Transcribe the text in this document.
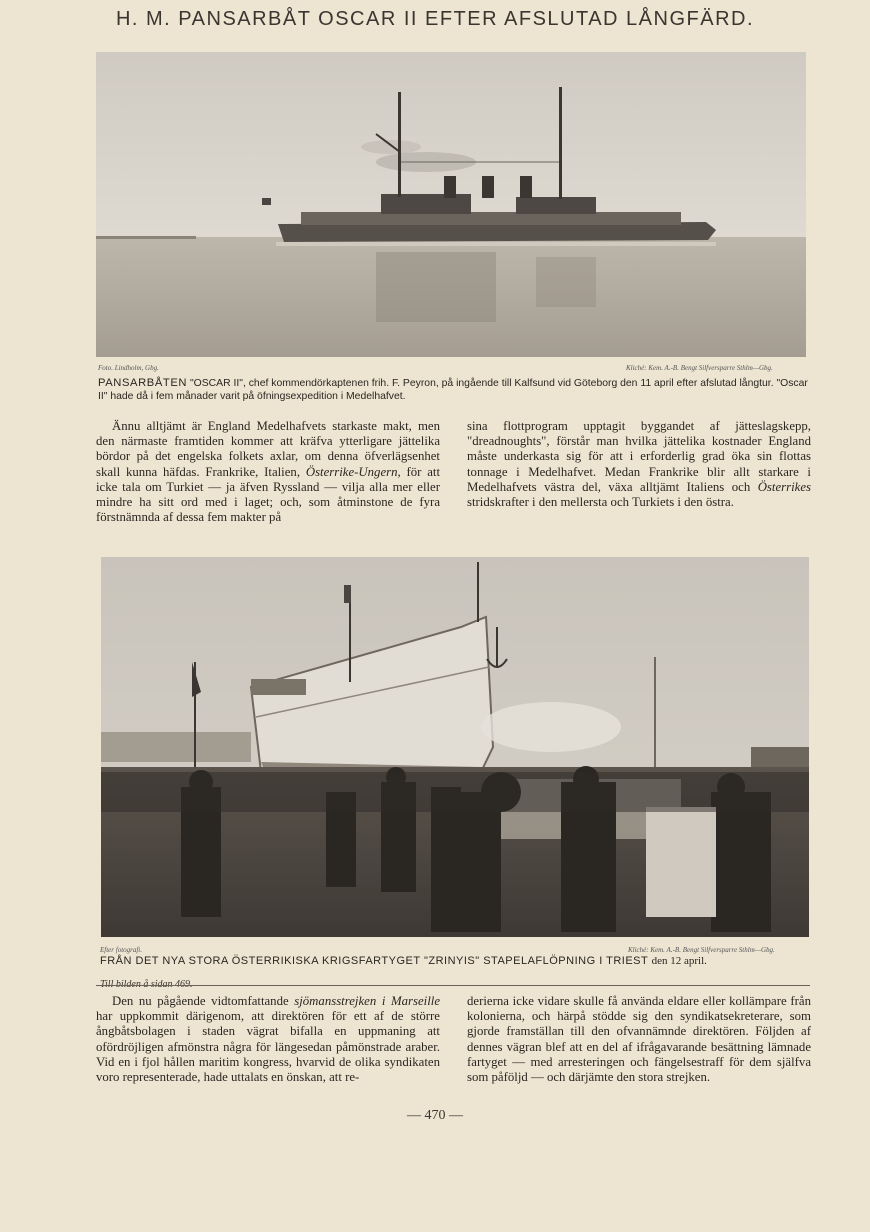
H. M. PANSARBÅT OSCAR II EFTER AFSLUTAD LÅNGFÄRD.
Foto. Lindholm, Gbg.	Kliché: Kem. A.-B. Bengt Silfversparre Sthlm—Gbg.
PANSARBÅTEN "OSCAR II", chef kommendörkaptenen frih. F. Peyron, på ingående till Kalfsund vid Göteborg den 11 april efter afslutad långtur. "Oscar II" hade då i fem månader varit på öfningsexpedition i Medelhafvet.

Ännu alltjämt är England Medelhafvets starkaste makt, men den närmaste framtiden kommer att kräfva ytterligare jättelika bördor på det engelska folkets axlar, om denna öfverlägsenhet skall kunna häfdas. Frankrike, Italien, Österrike-Ungern, för att icke tala om Turkiet — ja äfven Ryssland — vilja alla mer eller mindre ha sitt ord med i laget; och, som åtminstone de fyra förstnämnda af dessa fem makter på

sina flottprogram upptagit byggandet af jätteslagskepp, "dreadnoughts", förstår man hvilka jättelika kostnader England måste underkasta sig för att i erforderlig grad öka sin flottas tonnage i Medelhafvet. Medan Frankrike blir allt starkare i Medelhafvets västra del, växa alltjämt Italiens och Österrikes stridskrafter i den mellersta och Turkiets i den östra.

Efter fotografi.	Kliché: Kem. A.-B. Bengt Silfversparre Sthlm—Gbg.
FRÅN DET NYA STORA ÖSTERRIKISKA KRIGSFARTYGET "ZRINYIS" STAPELAFLÖPNING I TRIEST den 12 april.

Den nu pågående vidtomfattande sjömansstrejken i Marseille har uppkommit därigenom, att direktören för ett af de större ångbåtsbolagen i staden vägrat bifalla en uppmaning att ofördröjligen afmönstra några för längesedan påmönstrade araber. Vid en i fjol hållen maritim kongress, hvarvid de olika syndikaten voro representerade, hade uttalats en önskan, att re-

derierna icke vidare skulle få använda eldare eller kollämpare från kolonierna, och härpå stödde sig den syndikatsekreterare, som gjorde framställan till den ofvannämnde direktören. Följden af dennes vägran blef att en del af ifrågavarande besättning lämnade fartyget — med arresteringen och fängelsestraff för dem själfva som påföljd — och därjämte den stora strejken.

— 470 —
